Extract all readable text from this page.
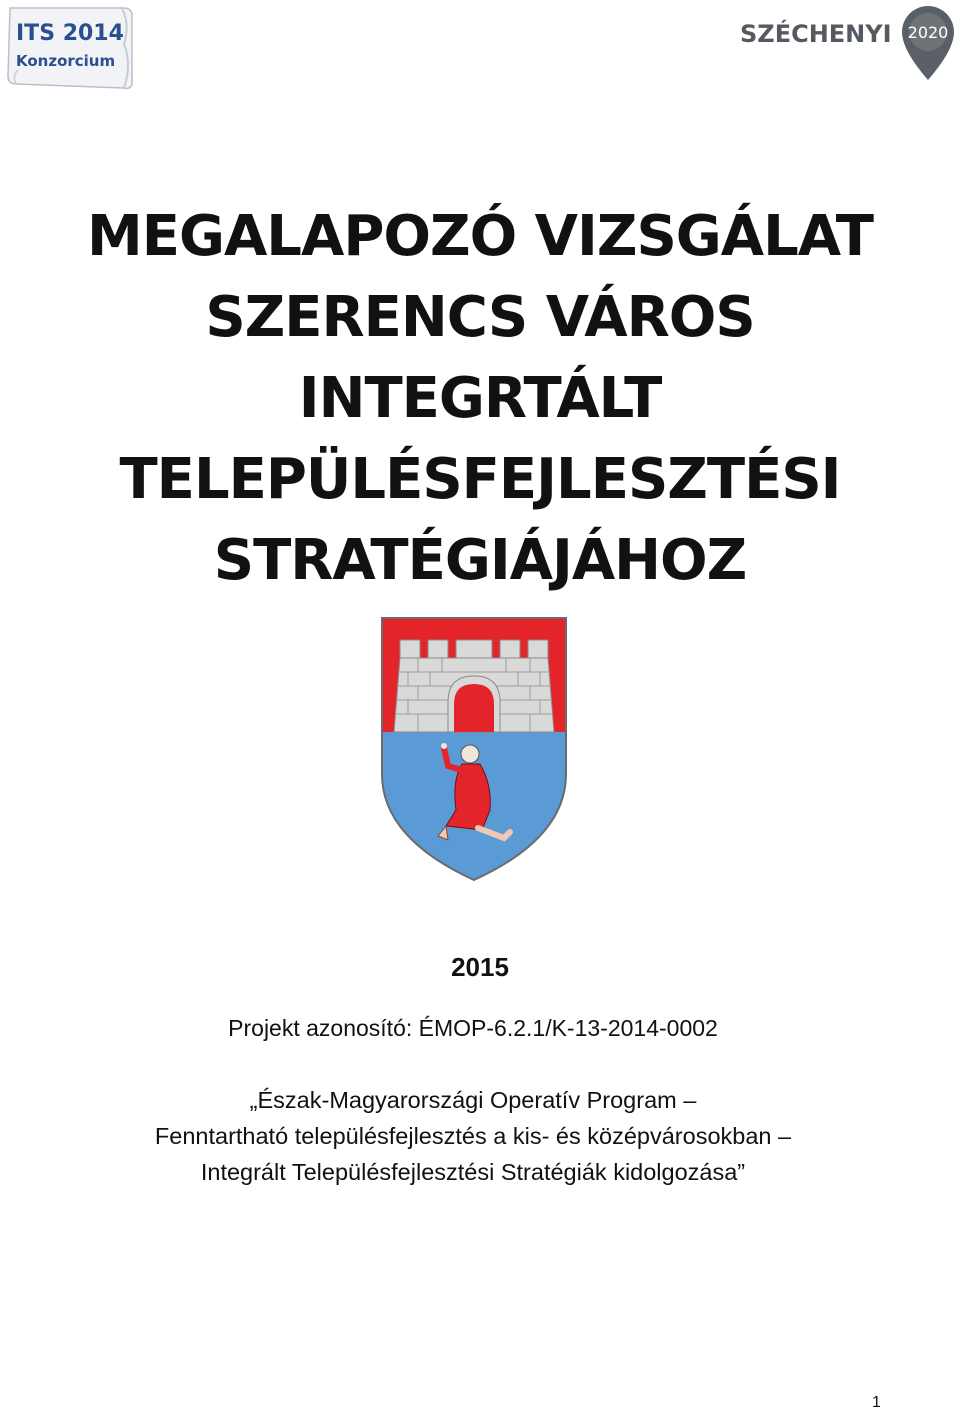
ITS 2014
Konzorcium
SZÉCHENYI 2020
MEGALAPOZÓ VIZSGÁLAT
SZERENCS VÁROS
INTEGRTÁLT
TELEPÜLÉSFEJLESZTÉSI
STRATÉGIÁJÁHOZ
2015
Projekt azonosító: ÉMOP-6.2.1/K-13-2014-0002
„Észak-Magyarországi Operatív Program –
Fenntartható településfejlesztés a kis- és középvárosokban –
Integrált Településfejlesztési Stratégiák kidolgozása”
1
